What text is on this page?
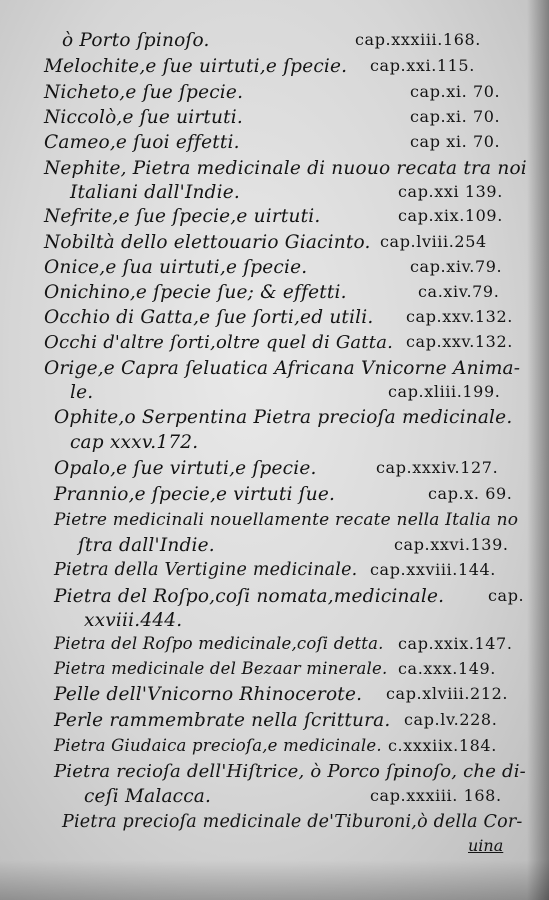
ò Porto ſpinoſo.	cap.xxxiii.168.
Melochite,e ſue uirtuti,e ſpecie. cap.xxi.115.
Nicheto,e ſue ſpecie.	cap.xi. 70.
Niccolò,e ſue uirtuti.	cap.xi. 70.
Cameo,e ſuoi effetti.	cap xi. 70.
Nephite, Pietra medicinale di nuouo recata tra noi
Italiani dall'Indie.	cap.xxi 139.
Nefrite,e ſue ſpecie,e uirtuti.	cap.xix.109.
Nobiltà dello elettouario Giacinto. cap.lviii.254
Onice,e ſua uirtuti,e ſpecie.	cap.xiv.79.
Onichino,e ſpecie ſue; & effetti.	ca.xiv.79.
Occhio di Gatta,e ſue ſorti,ed utili. cap.xxv.132.
Occhi d'altre ſorti,oltre quel di Gatta. cap.xxv.132.
Orige,e Capra ſeluatica Africana Vnicorne Anima-
le.	cap.xliii.199.
Ophite,o Serpentina Pietra precioſa medicinale.
cap xxxv.172.
Opalo,e ſue virtuti,e ſpecie.	cap.xxxiv.127.
Prannio,e ſpecie,e virtuti ſue.	cap.x. 69.
Pietre medicinali nouellamente recate nella Italia no
ſtra dall'Indie.	cap.xxvi.139.
Pietra della Vertigine medicinale. cap.xxviii.144.
Pietra del Roſpo,coſi nomata,medicinale.	cap.
xxviii.444.
Pietra del Roſpo medicinale,coſi detta. cap.xxix.147.
Pietra medicinale del Bezaar minerale. ca.xxx.149.
Pelle dell'Vnicorno Rhinocerote. cap.xlviii.212.
Perle rammembrate nella ſcrittura. cap.lv.228.
Pietra Giudaica precioſa,e medicinale. c.xxxiix.184.
Pietra recioſa dell'Hiſtrice, ò Porco ſpinoſo, che di-
ceſi Malacca.	cap.xxxiii. 168.
Pietra precioſa medicinale de'Tiburoni,ò della Cor-
uina
